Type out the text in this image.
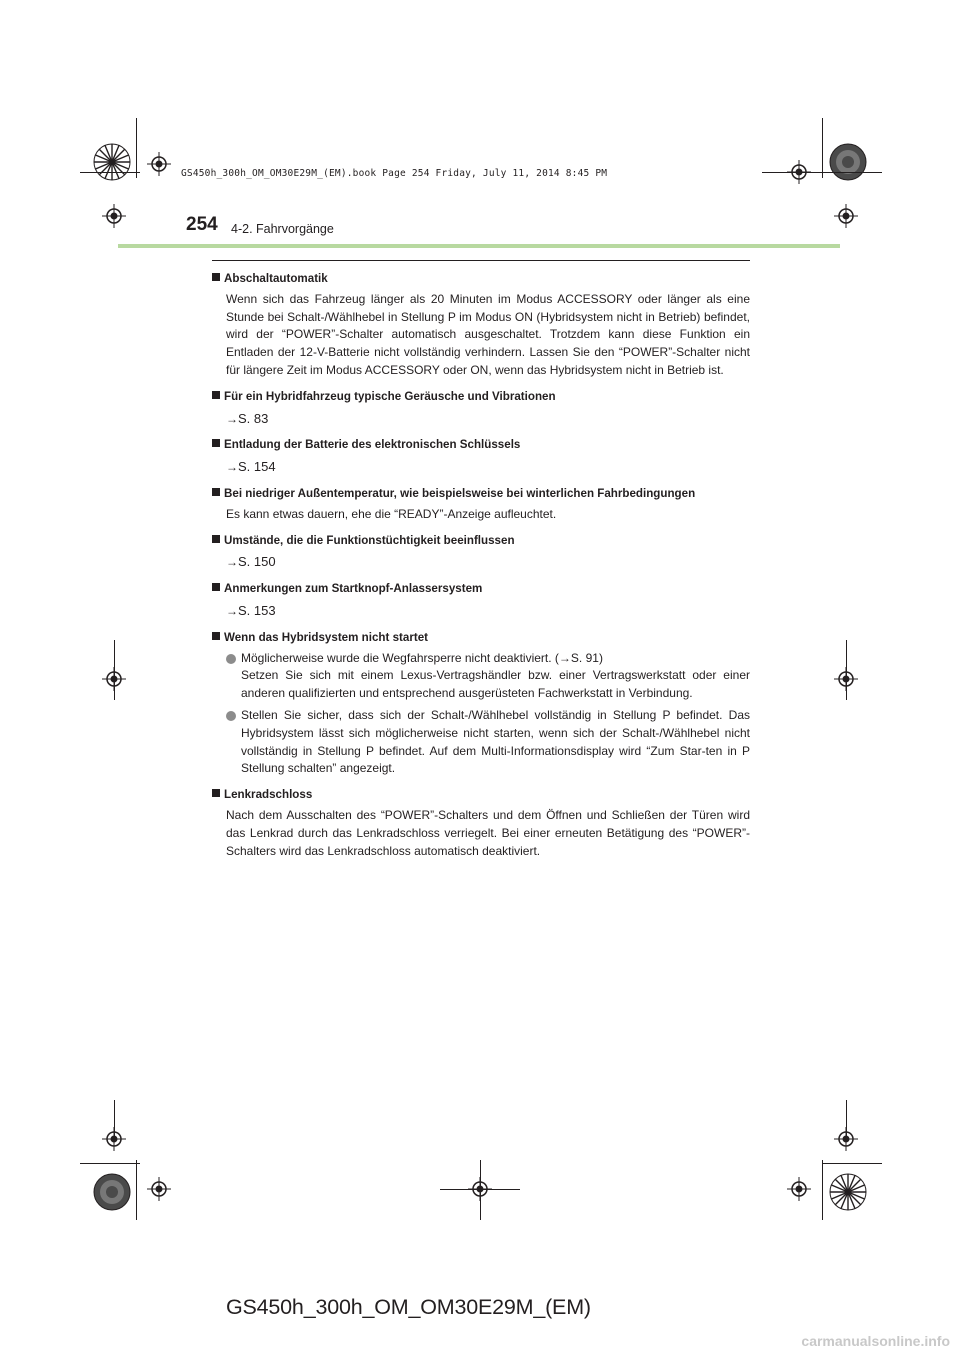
GS450h_300h_OM_OM30E29M_(EM).book Page 254 Friday, July 11, 2014 8:45 PM
254 4-2. Fahrvorgänge
Abschaltautomatik

Wenn sich das Fahrzeug länger als 20 Minuten im Modus ACCESSORY oder länger als eine Stunde bei Schalt-/Wählhebel in Stellung P im Modus ON (Hybridsystem nicht in Betrieb) befindet, wird der “POWER”-Schalter automatisch ausgeschaltet. Trotzdem kann diese Funktion ein Entladen der 12-V-Batterie nicht vollständig verhindern. Lassen Sie den “POWER”-Schalter nicht für längere Zeit im Modus ACCESSORY oder ON, wenn das Hybridsystem nicht in Betrieb ist.

Für ein Hybridfahrzeug typische Geräusche und Vibrationen

→S. 83

Entladung der Batterie des elektronischen Schlüssels

→S. 154

Bei niedriger Außentemperatur, wie beispielsweise bei winterlichen Fahrbedingungen

Es kann etwas dauern, ehe die “READY”-Anzeige aufleuchtet.

Umstände, die die Funktionstüchtigkeit beeinflussen

→S. 150

Anmerkungen zum Startknopf-Anlassersystem

→S. 153

Wenn das Hybridsystem nicht startet
Möglicherweise wurde die Wegfahrsperre nicht deaktiviert. (→S. 91)
Setzen Sie sich mit einem Lexus-Vertragshändler bzw. einer Vertragswerkstatt oder einer anderen qualifizierten und entsprechend ausgerüsteten Fachwerkstatt in Verbindung.
Stellen Sie sicher, dass sich der Schalt-/Wählhebel vollständig in Stellung P befindet. Das Hybridsystem lässt sich möglicherweise nicht starten, wenn sich der Schalt-/Wählhebel nicht vollständig in Stellung P befindet. Auf dem Multi-Informationsdisplay wird “Zum Star-ten in P Stellung schalten” angezeigt.
Lenkradschloss

Nach dem Ausschalten des “POWER”-Schalters und dem Öffnen und Schließen der Türen wird das Lenkrad durch das Lenkradschloss verriegelt. Bei einer erneuten Betätigung des “POWER”-Schalters wird das Lenkradschloss automatisch deaktiviert.

GS450h_300h_OM_OM30E29M_(EM)
carmanualsonline.info
